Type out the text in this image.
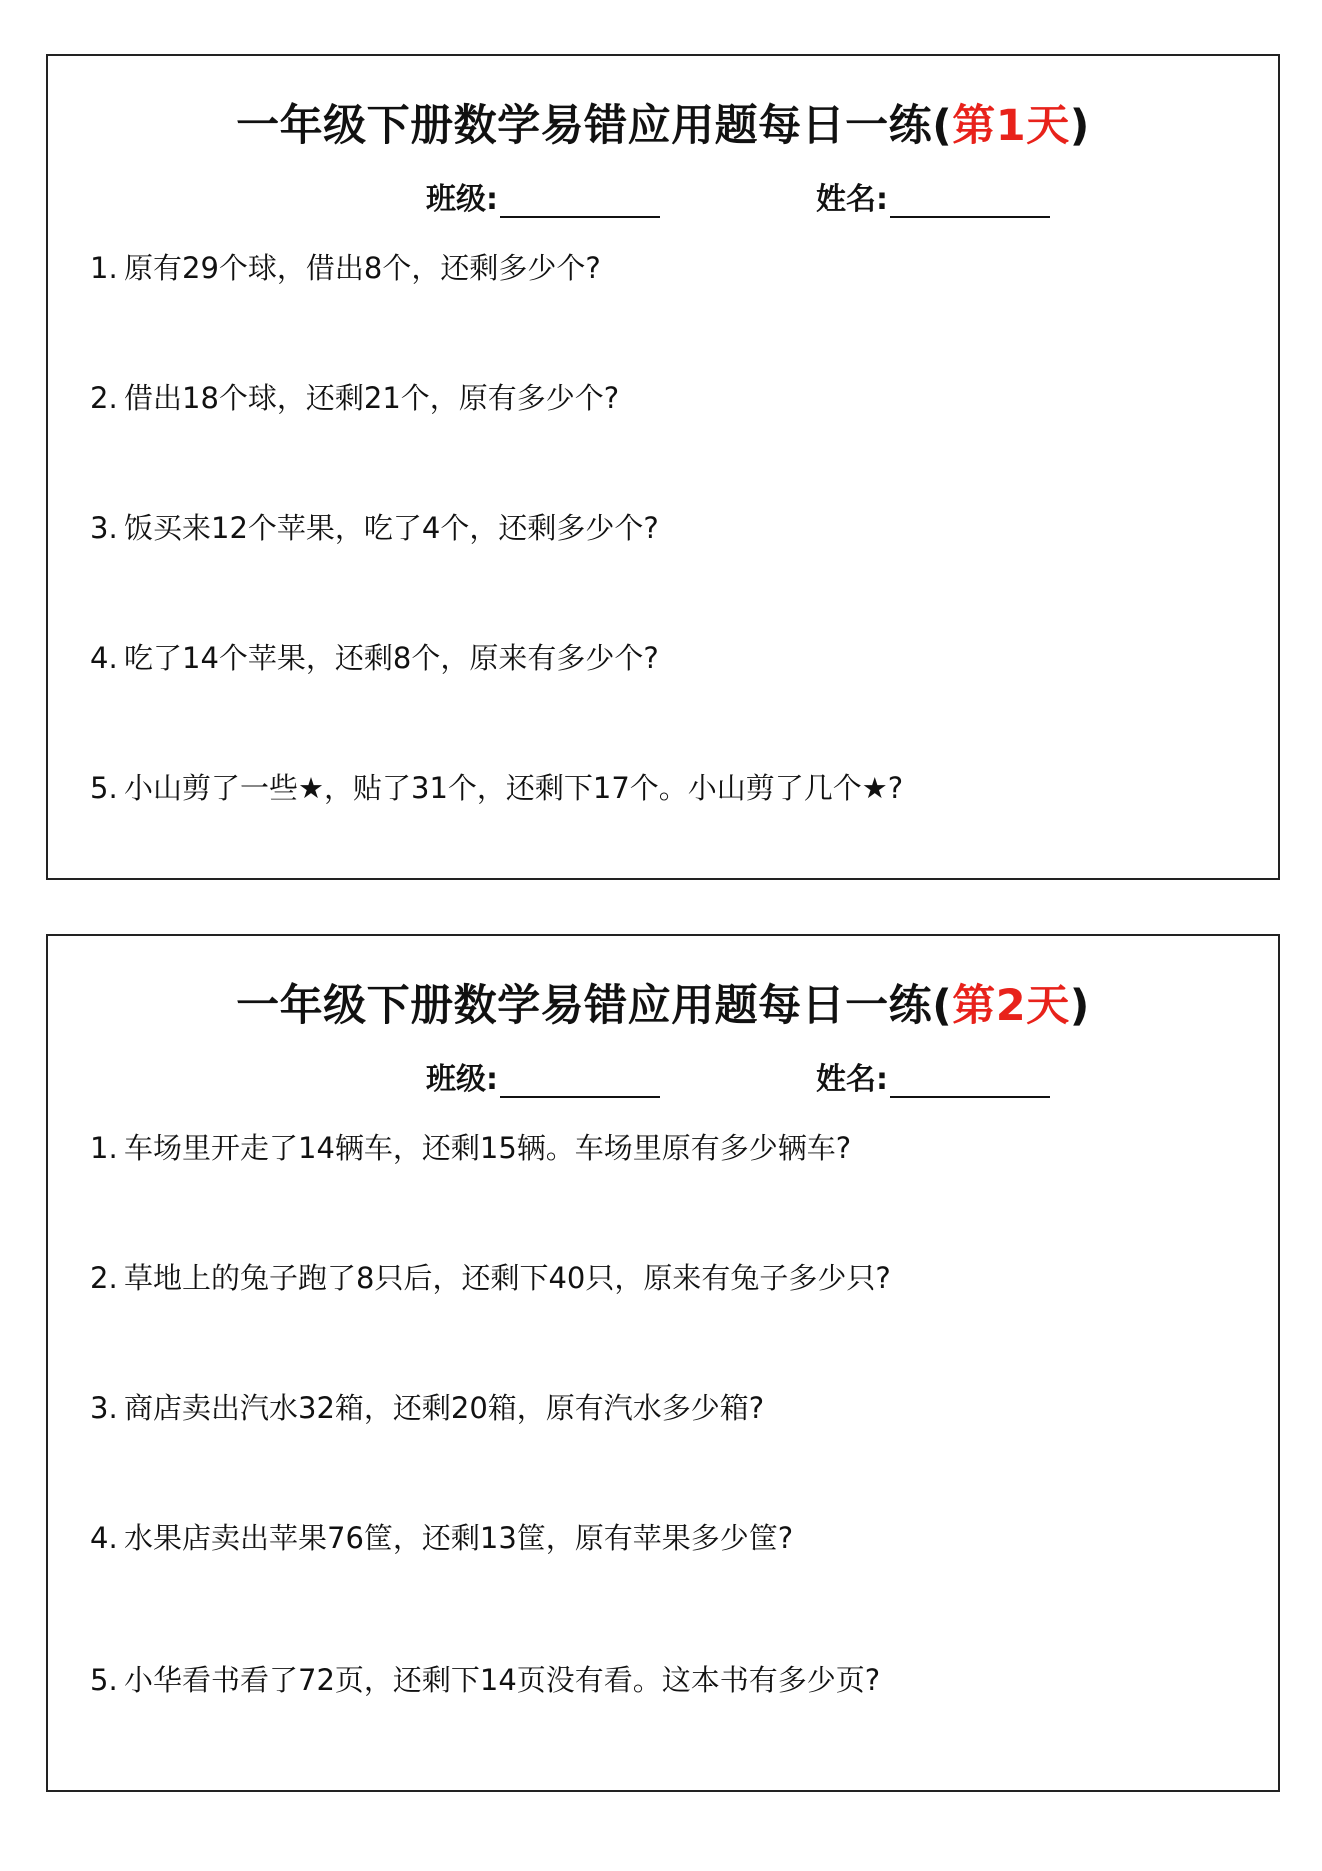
一年级下册数学易错应用题每日一练(第1天)
班级:	姓名:
1. 原有29个球，借出8个，还剩多少个?
2. 借出18个球，还剩21个，原有多少个?
3. 饭买来12个苹果，吃了4个，还剩多少个?
4. 吃了14个苹果，还剩8个，原来有多少个?
5. 小山剪了一些★，贴了31个，还剩下17个。小山剪了几个★?
一年级下册数学易错应用题每日一练(第2天)
班级:	姓名:
1. 车场里开走了14辆车，还剩15辆。车场里原有多少辆车?
2. 草地上的兔子跑了8只后，还剩下40只，原来有兔子多少只?
3. 商店卖出汽水32箱，还剩20箱，原有汽水多少箱?
4. 水果店卖出苹果76筐，还剩13筐，原有苹果多少筐?
5. 小华看书看了72页，还剩下14页没有看。这本书有多少页?
